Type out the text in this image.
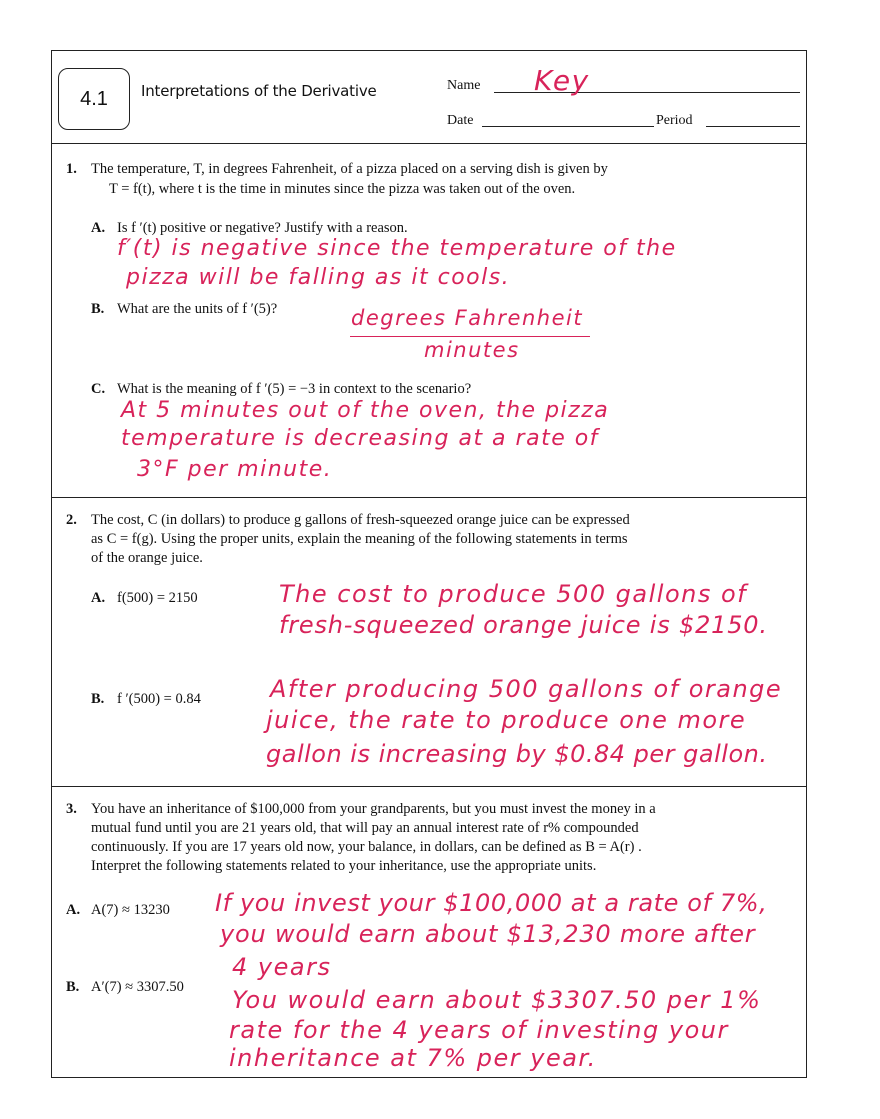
4.1 Interpretations of the Derivative	Name Key
Date	Period
1. The temperature, T, in degrees Fahrenheit, of a pizza placed on a serving dish is given by
T = f(t), where t is the time in minutes since the pizza was taken out of the oven.
A. Is f ′(t) positive or negative? Justify with a reason.
f′(t) is negative since the temperature of the
pizza will be falling as it cools.
B. What are the units of f ′(5)?	degrees Fahrenheit
minutes
C. What is the meaning of f ′(5) = −3 in context to the scenario?
At 5 minutes out of the oven, the pizza
temperature is decreasing at a rate of
3°F per minute.
2. The cost, C (in dollars) to produce g gallons of fresh-squeezed orange juice can be expressed
as C = f(g). Using the proper units, explain the meaning of the following statements in terms
of the orange juice.
A. f(500) = 2150	The cost to produce 500 gallons of
fresh-squeezed orange juice is $2150.
B. f ′(500) = 0.84	After producing 500 gallons of orange
juice, the rate to produce one more
gallon is increasing by $0.84 per gallon.
3. You have an inheritance of $100,000 from your grandparents, but you must invest the money in a
mutual fund until you are 21 years old, that will pay an annual interest rate of r% compounded
continuously. If you are 17 years old now, your balance, in dollars, can be defined as B = A(r) .
Interpret the following statements related to your inheritance, use the appropriate units.
A. A(7) ≈ 13230 If you invest your $100,000 at a rate of 7%,
you would earn about $13,230 more after
4 years
B. A′(7) ≈ 3307.50 You would earn about $3307.50 per 1%
rate for the 4 years of investing your
inheritance at 7% per year.
